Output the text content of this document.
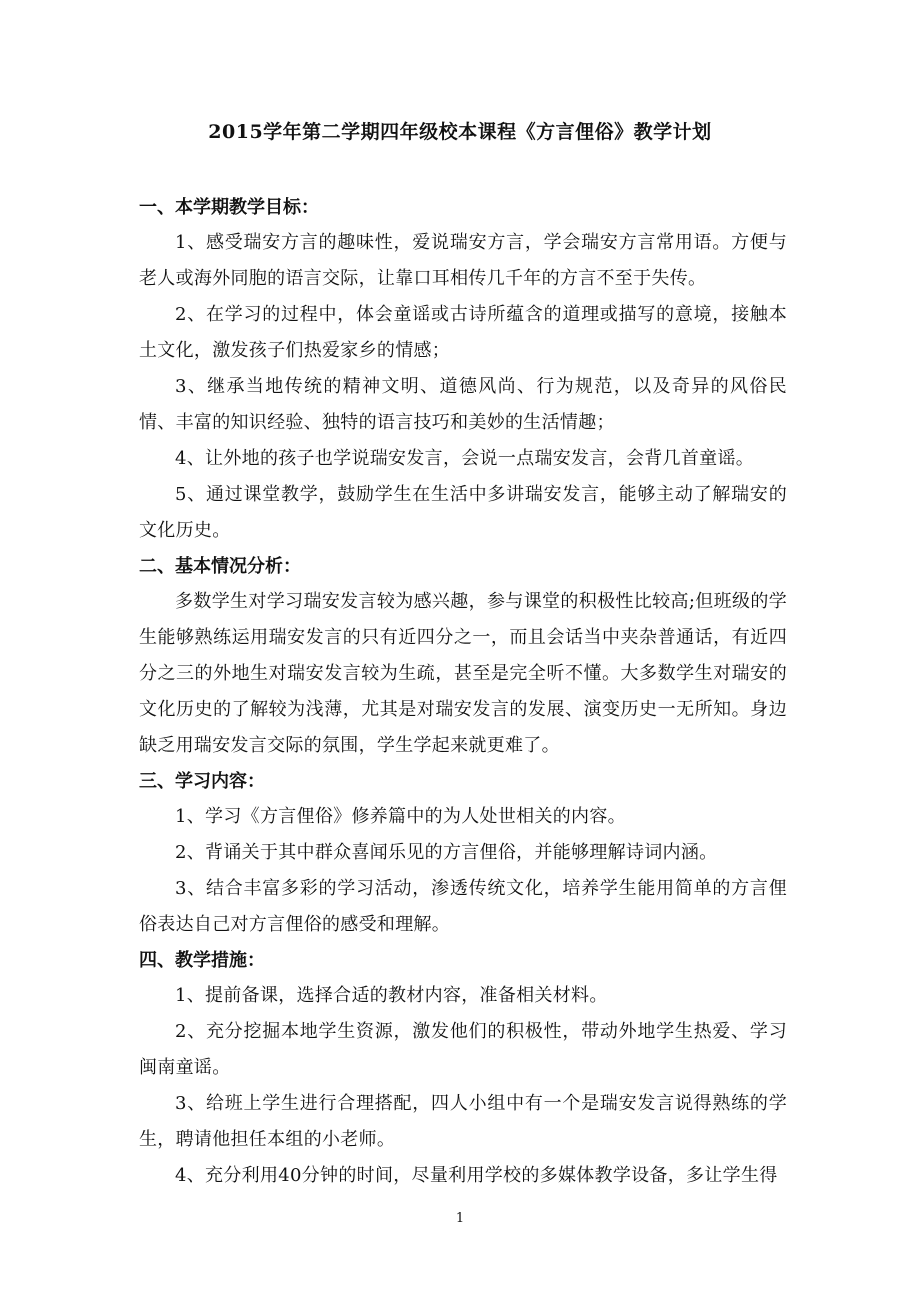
2015学年第二学期四年级校本课程《方言俚俗》教学计划

一、本学期教学目标：

1、感受瑞安方言的趣味性，爱说瑞安方言，学会瑞安方言常用语。方便与老人或海外同胞的语言交际，让靠口耳相传几千年的方言不至于失传。

2、在学习的过程中，体会童谣或古诗所蕴含的道理或描写的意境，接触本土文化，激发孩子们热爱家乡的情感；

3、继承当地传统的精神文明、道德风尚、行为规范，以及奇异的风俗民情、丰富的知识经验、独特的语言技巧和美妙的生活情趣；

4、让外地的孩子也学说瑞安发言，会说一点瑞安发言，会背几首童谣。

5、通过课堂教学，鼓励学生在生活中多讲瑞安发言，能够主动了解瑞安的文化历史。

二、基本情况分析：

多数学生对学习瑞安发言较为感兴趣，参与课堂的积极性比较高;但班级的学生能够熟练运用瑞安发言的只有近四分之一，而且会话当中夹杂普通话，有近四分之三的外地生对瑞安发言较为生疏，甚至是完全听不懂。大多数学生对瑞安的文化历史的了解较为浅薄，尤其是对瑞安发言的发展、演变历史一无所知。身边缺乏用瑞安发言交际的氛围，学生学起来就更难了。

三、学习内容：

1、学习《方言俚俗》修养篇中的为人处世相关的内容。

2、背诵关于其中群众喜闻乐见的方言俚俗，并能够理解诗词内涵。

3、结合丰富多彩的学习活动，渗透传统文化，培养学生能用简单的方言俚俗表达自己对方言俚俗的感受和理解。

四、教学措施：

1、提前备课，选择合适的教材内容，准备相关材料。

2、充分挖掘本地学生资源，激发他们的积极性，带动外地学生热爱、学习闽南童谣。

3、给班上学生进行合理搭配，四人小组中有一个是瑞安发言说得熟练的学生，聘请他担任本组的小老师。

4、充分利用40分钟的时间，尽量利用学校的多媒体教学设备，多让学生得

1
